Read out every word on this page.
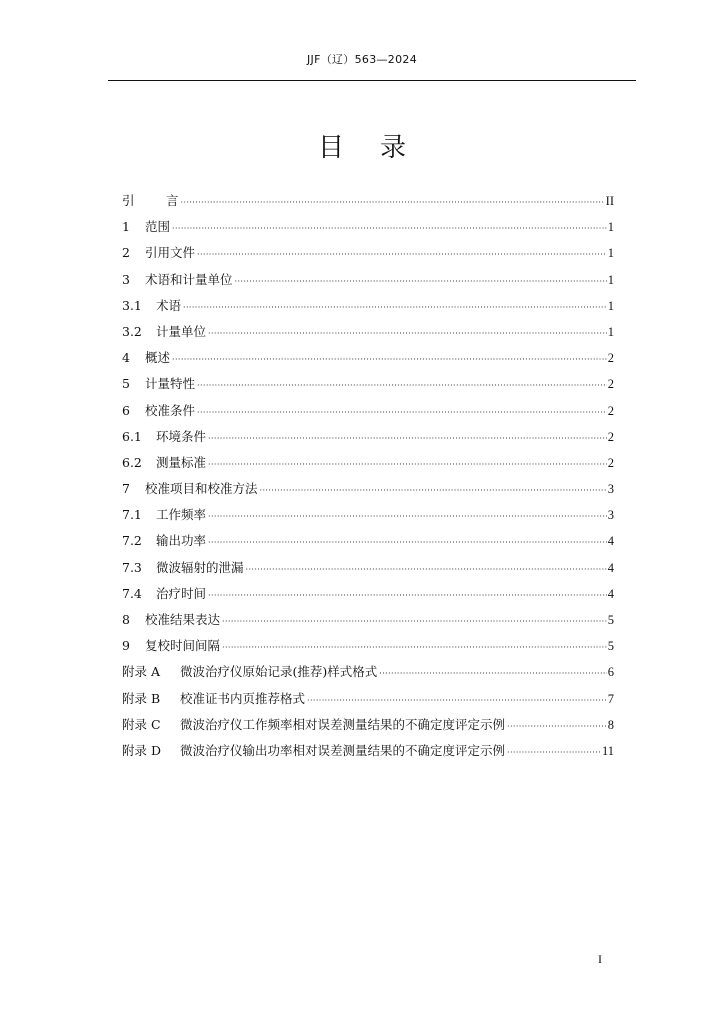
JJF（辽）563—2024
目录
引	言 ·····	II
1	范围 ·····	1
2	引用文件 ·····	1
3	术语和计量单位 ·····	1
3.1	术语 ·····	1
3.2	计量单位 ·····	1
4	概述 ·····	2
5	计量特性 ·····	2
6	校准条件 ·····	2
6.1	环境条件 ·····	2
6.2	测量标准 ·····	2
7	校准项目和校准方法 ·····	3
7.1	工作频率 ·····	3
7.2	输出功率 ·····	4
7.3	微波辐射的泄漏 ·····	4
7.4	治疗时间 ·····	4
8	校准结果表达 ·····	5
9	复校时间间隔 ·····	5
附录 A	微波治疗仪原始记录(推荐)样式格式 ·····	6
附录 B	校准证书内页推荐格式 ·····	7
附录 C	微波治疗仪工作频率相对误差测量结果的不确定度评定示例 ·····	8
附录 D	微波治疗仪输出功率相对误差测量结果的不确定度评定示例 ·····	11
I
